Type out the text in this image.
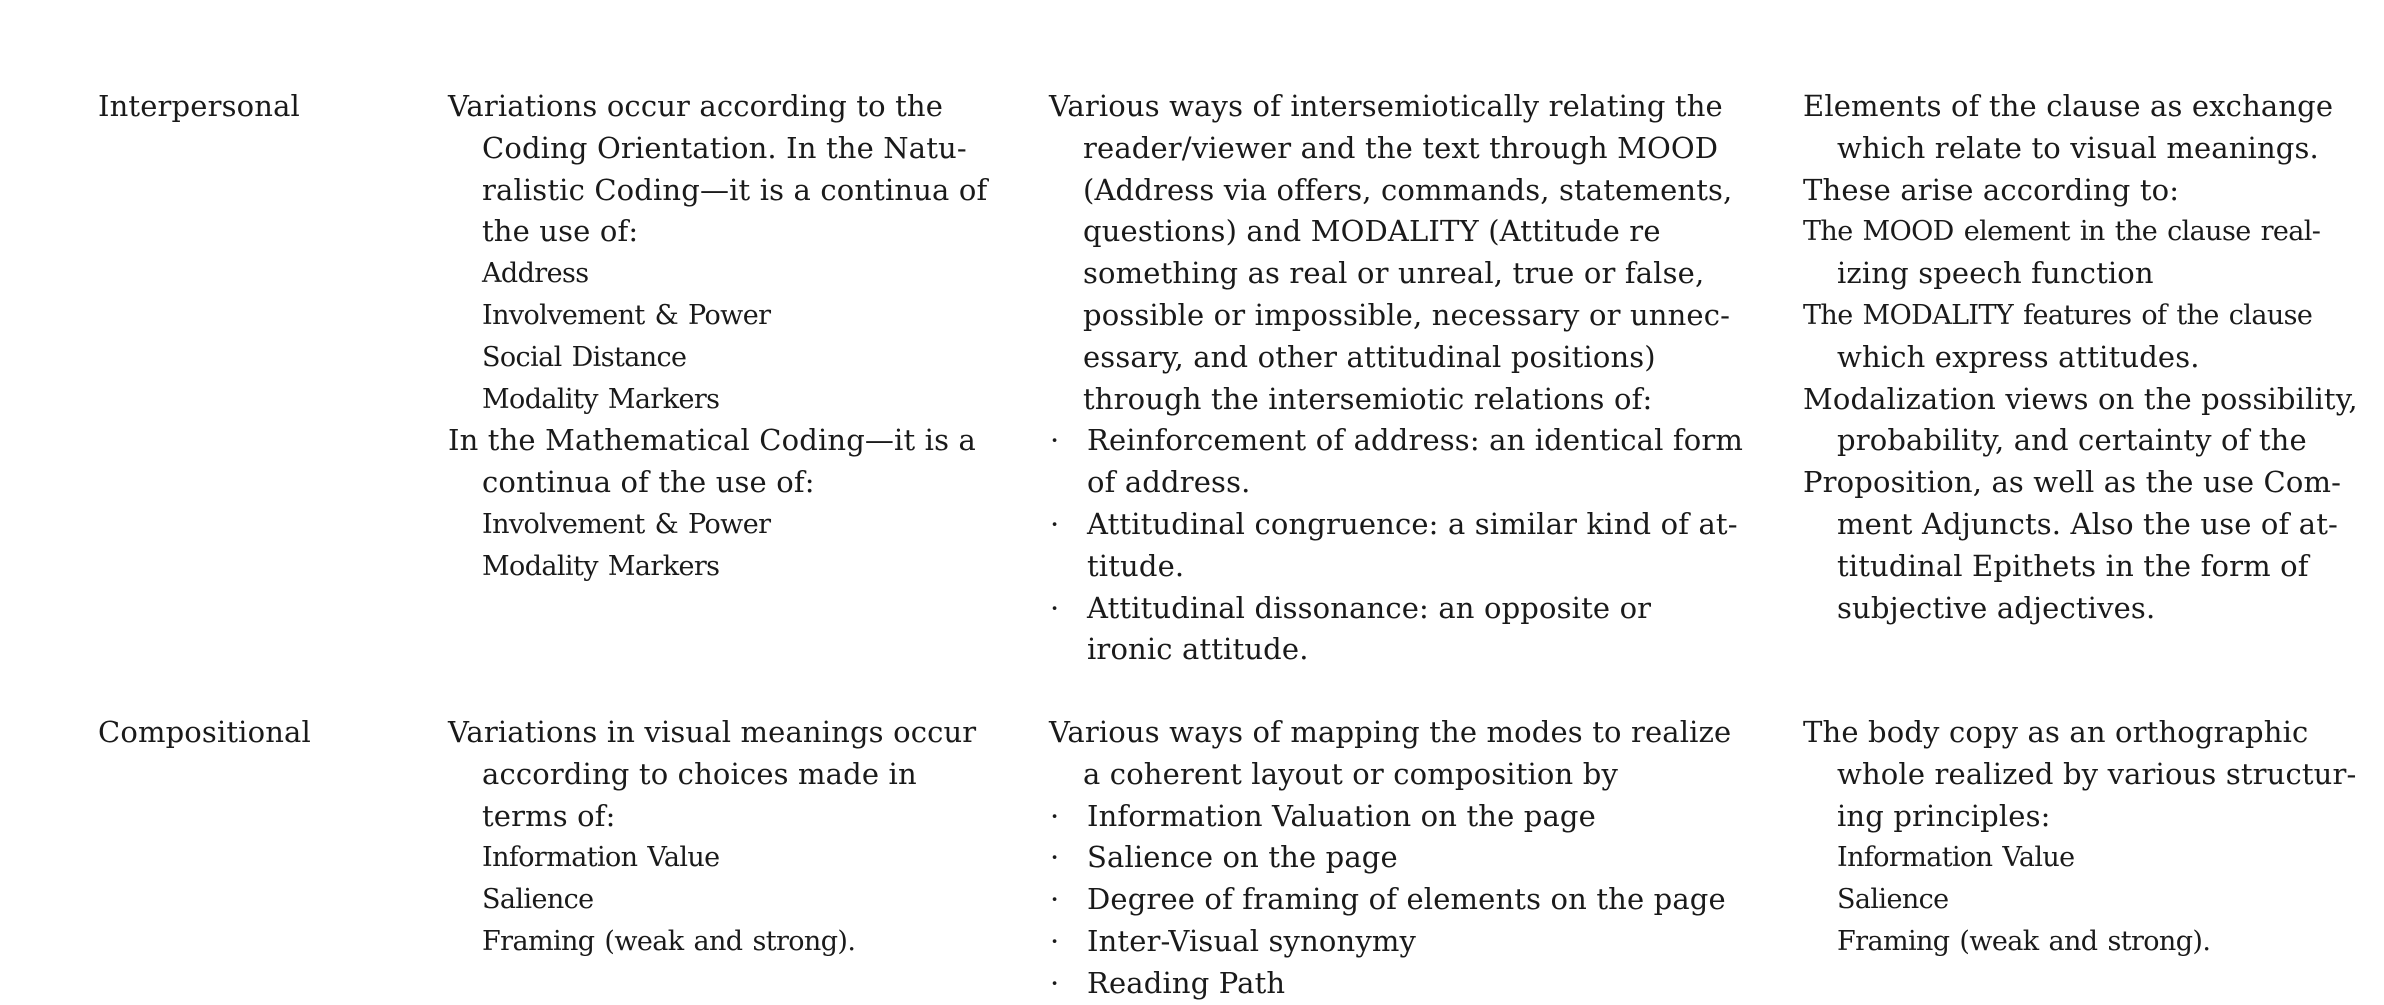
Interpersonal	Variations occur according to the
Coding Orientation. In the Natu-
ralistic Coding—it is a continua of
the use of:
Address
Involvement & Power
Social Distance
Modality Markers
In the Mathematical Coding—it is a
continua of the use of:
Involvement & Power
Modality Markers
Various ways of intersemiotically relating the
reader/viewer and the text through MOOD
(Address via offers, commands, statements,
questions) and MODALITY (Attitude re
something as real or unreal, true or false,
possible or impossible, necessary or unnec-
essary, and other attitudinal positions)
through the intersemiotic relations of:
· Reinforcement of address: an identical form
of address.
· Attitudinal congruence: a similar kind of at-
titude.
· Attitudinal dissonance: an opposite or
ironic attitude.
Elements of the clause as exchange
which relate to visual meanings.
These arise according to:
The MOOD element in the clause real-
izing speech function
The MODALITY features of the clause
which express attitudes.
Modalization views on the possibility,
probability, and certainty of the
Proposition, as well as the use Com-
ment Adjuncts. Also the use of at-
titudinal Epithets in the form of
subjective adjectives.
Compositional	Variations in visual meanings occur
according to choices made in
terms of:
Information Value
Salience
Framing (weak and strong).
Various ways of mapping the modes to realize
a coherent layout or composition by
· Information Valuation on the page
· Salience on the page
· Degree of framing of elements on the page
· Inter-Visual synonymy
· Reading Path
The body copy as an orthographic
whole realized by various structur-
ing principles:
Information Value
Salience
Framing (weak and strong).
